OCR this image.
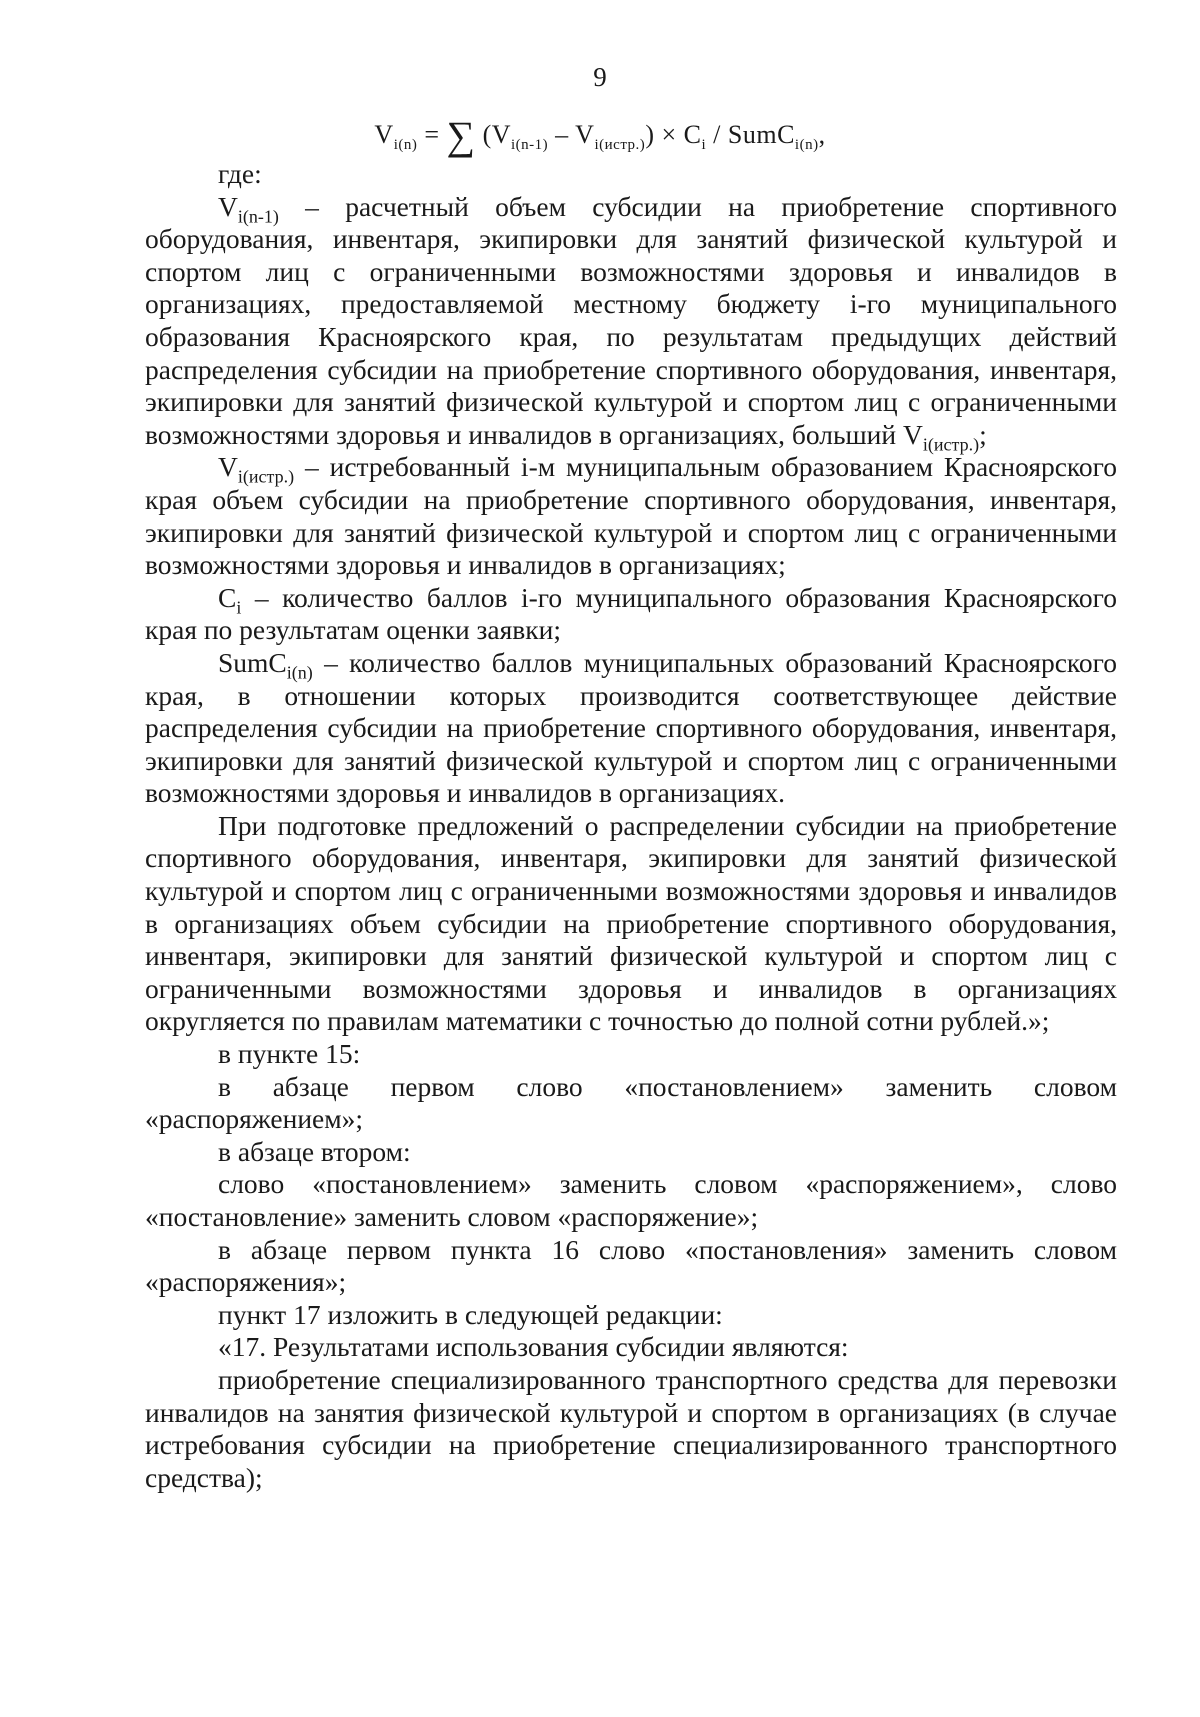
9
$V_{i(n)}$ = ∑ $(V_{i(n-1)} - V_{i(истр.)}) \times C_i$ / SumC$_{i(n)}$,

где:

$V_{i(n-1)}$ – расчетный объем субсидии на приобретение спортивного оборудования, инвентаря, экипировки для занятий физической культурой и спортом лиц с ограниченными возможностями здоровья и инвалидов в организациях, предоставляемой местному бюджету i-го муниципального образования Красноярского края, по результатам предыдущих действий распределения субсидии на приобретение спортивного оборудования, инвентаря, экипировки для занятий физической культурой и спортом лиц с ограниченными возможностями здоровья и инвалидов в организациях, больший $V_{i(истр.)}$;

$V_{i(истр.)}$ – истребованный i-м муниципальным образованием Красноярского края объем субсидии на приобретение спортивного оборудования, инвентаря, экипировки для занятий физической культурой и спортом лиц с ограниченными возможностями здоровья и инвалидов в организациях;

$C_i$ – количество баллов i-го муниципального образования Красноярского края по результатам оценки заявки;

SumC$_{i(n)}$ – количество баллов муниципальных образований Красноярского края, в отношении которых производится соответствующее действие распределения субсидии на приобретение спортивного оборудования, инвентаря, экипировки для занятий физической культурой и спортом лиц с ограниченными возможностями здоровья и инвалидов в организациях.

При подготовке предложений о распределении субсидии на приобретение спортивного оборудования, инвентаря, экипировки для занятий физической культурой и спортом лиц с ограниченными возможностями здоровья и инвалидов в организациях объем субсидии на приобретение спортивного оборудования, инвентаря, экипировки для занятий физической культурой и спортом лиц с ограниченными возможностями здоровья и инвалидов в организациях округляется по правилам математики с точностью до полной сотни рублей.»;

в пункте 15:

в абзаце первом слово «постановлением» заменить словом «распоряжением»;

в абзаце втором:

слово «постановлением» заменить словом «распоряжением», слово «постановление» заменить словом «распоряжение»;

в абзаце первом пункта 16 слово «постановления» заменить словом «распоряжения»;

пункт 17 изложить в следующей редакции:

«17. Результатами использования субсидии являются:

приобретение специализированного транспортного средства для перевозки инвалидов на занятия физической культурой и спортом в организациях (в случае истребования субсидии на приобретение специализированного транспортного средства);
